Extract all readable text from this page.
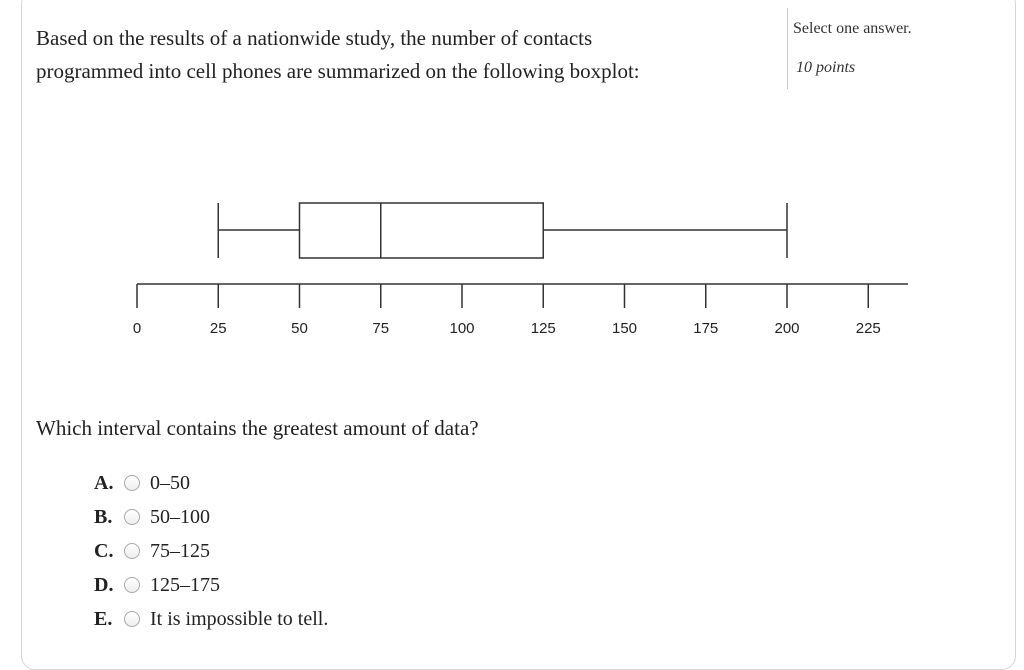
Based on the results of a nationwide study, the number of contacts
programmed into cell phones are summarized on the following boxplot:

Select one answer.
10 points
0	25	50	75	100	125	150	175	200	225

Which interval contains the greatest amount of data?

A.	0–50
B.	50–100
C.	75–125
D.	125–175
E.	It is impossible to tell.
